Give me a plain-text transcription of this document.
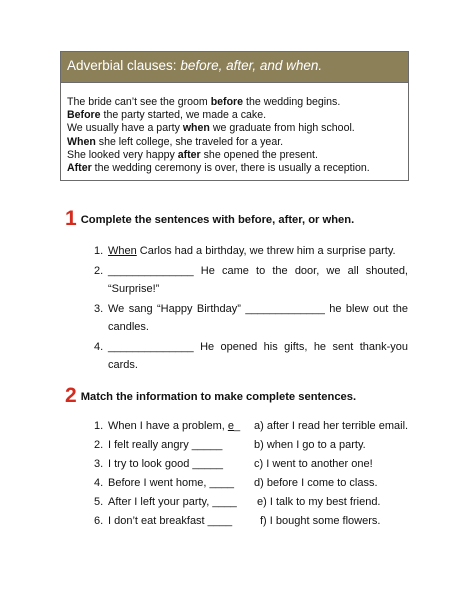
Adverbial clauses: before, after, and when.
The bride can’t see the groom before the wedding begins.
Before the party started, we made a cake.
We usually have a party when we graduate from high school.
When she left college, she traveled for a year.
She looked very happy after she opened the present.
After the wedding ceremony is over, there is usually a reception.
1 Complete the sentences with before, after, or when.
1. When Carlos had a birthday, we threw him a surprise party.
2. ______________ He came to the door, we all shouted, “Surprise!”
3. We sang “Happy Birthday” _____________ he blew out the candles.
4. ______________ He opened his gifts, he sent thank-you cards.
2 Match the information to make complete sentences.
1. When I have a problem, e_ a) after I read her terrible email.
2. I felt really angry _____	b) when I go to a party.
3. I try to look good _____	c) I went to another one!
4. Before I went home, ____ d) before I come to class.
5. After I left your party, ____ e) I talk to my best friend.
6. I don’t eat breakfast ____	f) I bought some flowers.
